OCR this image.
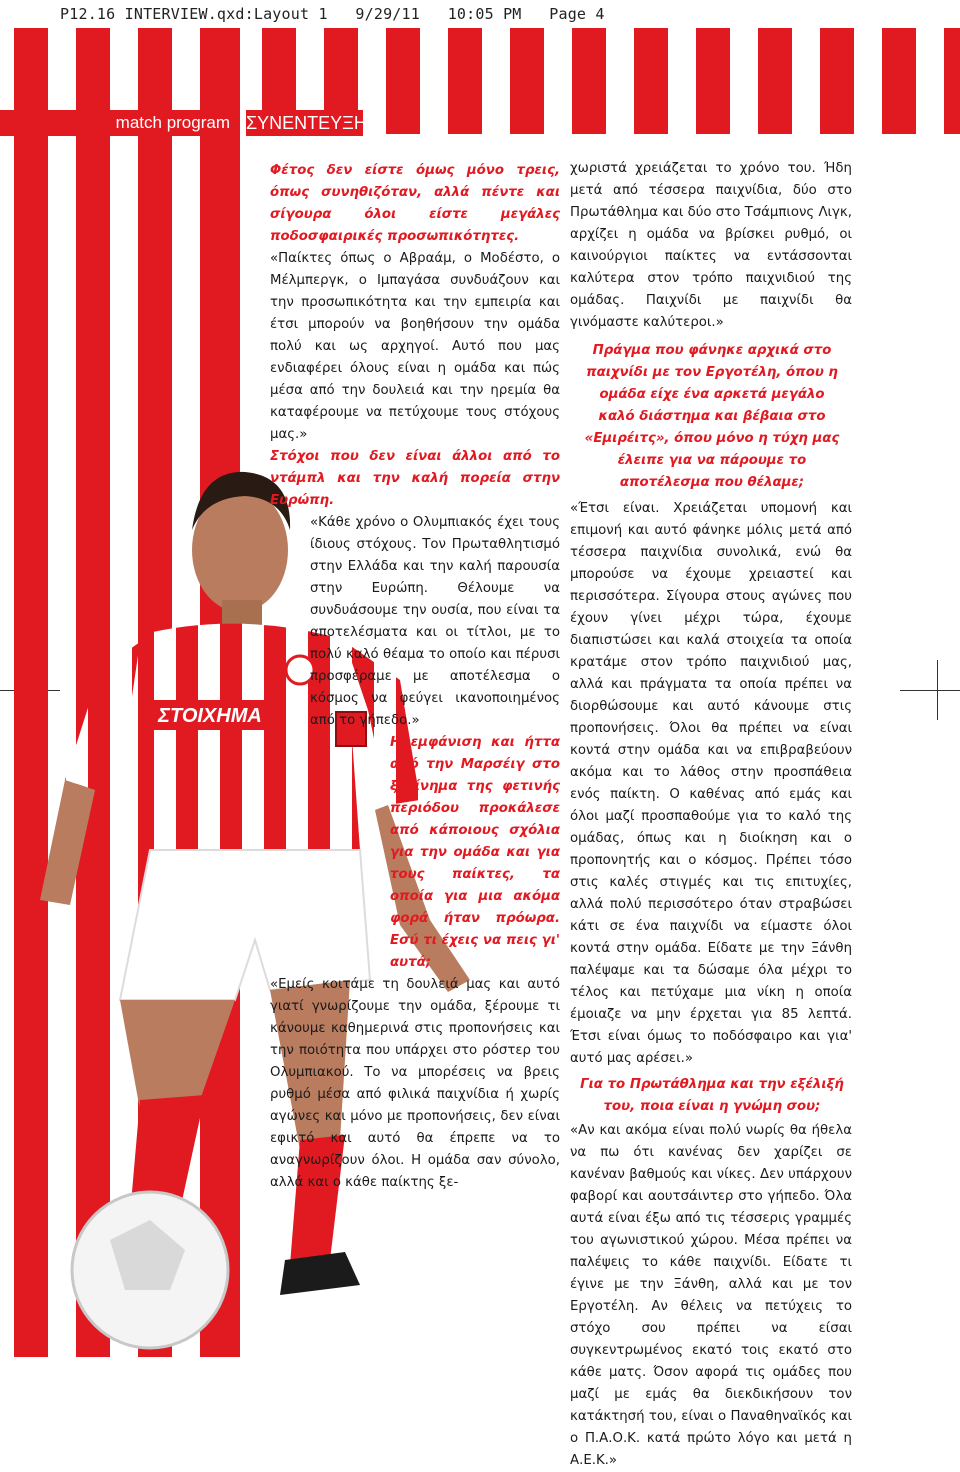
P12.16 INTERVIEW.qxd:Layout 1   9/29/11   10:05 PM   Page 4
match program ΣΥΝΕΝΤΕΥΞΗ
ΣΤΟΙΧΗΜΑ

Φέτος δεν είστε όμως μόνο τρεις, όπως συνηθιζόταν, αλλά πέντε και σίγουρα όλοι είστε μεγάλες ποδοσφαιρικές προσωπικότητες.

«Παίκτες όπως ο Αβραάμ, ο Μοδέστο, ο Μέλμπεργκ, ο Ιμπαγάσα συνδυάζουν και την προσωπικότητα και την εμπειρία και έτσι μπορούν να βοηθήσουν την ομάδα πολύ και ως αρχηγοί. Αυτό που μας ενδιαφέρει όλους είναι η ομάδα και πώς μέσα από την δουλειά και την ηρεμία θα καταφέρουμε να πετύχουμε τους στόχους μας.»

Στόχοι που δεν είναι άλλοι από το ντάμπλ και την καλή πορεία στην Ευρώπη.

«Κάθε χρόνο ο Ολυμπιακός έχει τους ίδιους στόχους. Τον Πρωταθλητισμό στην Ελλάδα και την καλή παρουσία στην Ευρώπη. Θέλουμε να συνδυάσουμε την ουσία, που είναι τα αποτελέσματα και οι τίτλοι, με το πολύ καλό θέαμα το οποίο και πέρυσι προσφέραμε με αποτέλεσμα ο κόσμος να φεύγει ικανοποιημένος από το γήπεδο.»

Η εμφάνιση και ήττα από την Μαρσέιγ στο ξεκίνημα της φετινής περιόδου προκάλεσε από κάποιους σχόλια για την ομάδα και για τους παίκτες, τα οποία για μια ακόμα φορά ήταν πρόωρα. Εσύ τι έχεις να πεις γι' αυτά;

«Εμείς κοιτάμε τη δουλειά μας και αυτό γιατί γνωρίζουμε την ομάδα, ξέρουμε τι κάνουμε καθημερινά στις προπονήσεις και την ποιότητα που υπάρχει στο ρόστερ του Ολυμπιακού. Το να μπορέσεις να βρεις ρυθμό μέσα από φιλικά παιχνίδια ή χωρίς αγώνες και μόνο με προπονήσεις, δεν είναι εφικτό και αυτό θα έπρεπε να το αναγνωρίζουν όλοι. Η ομάδα σαν σύνολο, αλλά και ο κάθε παίκτης ξε-

χωριστά χρειάζεται το χρόνο του. Ήδη μετά από τέσσερα παιχνίδια, δύο στο Πρωτάθλημα και δύο στο Τσάμπιονς Λιγκ, αρχίζει η ομάδα να βρίσκει ρυθμό, οι καινούργιοι παίκτες να εντάσσονται καλύτερα στον τρόπο παιχνιδιού της ομάδας. Παιχνίδι με παιχνίδι θα γινόμαστε καλύτεροι.»

Πράγμα που φάνηκε αρχικά στο παιχνίδι με τον Εργοτέλη, όπου η ομάδα είχε ένα αρκετά μεγάλο καλό διάστημα και βέβαια στο «Εμιρέιτς», όπου μόνο η τύχη μας έλειπε για να πάρουμε το αποτέλεσμα που θέλαμε;

«Έτσι είναι. Χρειάζεται υπομονή και επιμονή και αυτό φάνηκε μόλις μετά από τέσσερα παιχνίδια συνολικά, ενώ θα μπορούσε να έχουμε χρειαστεί και περισσότερα. Σίγουρα στους αγώνες που έχουν γίνει μέχρι τώρα, έχουμε διαπιστώσει και καλά στοιχεία τα οποία κρατάμε στον τρόπο παιχνιδιού μας, αλλά και πράγματα τα οποία πρέπει να διορθώσουμε και αυτό κάνουμε στις προπονήσεις. Όλοι θα πρέπει να είναι κοντά στην ομάδα και να επιβραβεύουν ακόμα και το λάθος στην προσπάθεια ενός παίκτη. Ο καθένας από εμάς και όλοι μαζί προσπαθούμε για το καλό της ομάδας, όπως και η διοίκηση και ο προπονητής και ο κόσμος. Πρέπει τόσο στις καλές στιγμές και τις επιτυχίες, αλλά πολύ περισσότερο όταν στραβώσει κάτι σε ένα παιχνίδι να είμαστε όλοι κοντά στην ομάδα. Είδατε με την Ξάνθη παλέψαμε και τα δώσαμε όλα μέχρι το τέλος και πετύχαμε μια νίκη η οποία έμοιαζε να μην έρχεται για 85 λεπτά. Έτσι είναι όμως το ποδόσφαιρο και για' αυτό μας αρέσει.»

Για το Πρωτάθλημα και την εξέλιξή του, ποια είναι η γνώμη σου;

«Αν και ακόμα είναι πολύ νωρίς θα ήθελα να πω ότι κανένας δεν χαρίζει σε κανέναν βαθμούς και νίκες. Δεν υπάρχουν φαβορί και αουτσάιντερ στο γήπεδο. Όλα αυτά είναι έξω από τις τέσσερις γραμμές του αγωνιστικού χώρου. Μέσα πρέπει να παλέψεις το κάθε παιχνίδι. Είδατε τι έγινε με την Ξάνθη, αλλά και με τον Εργοτέλη. Αν θέλεις να πετύχεις το στόχο σου πρέπει να είσαι συγκεντρωμένος εκατό τοις εκατό στο κάθε ματς. Όσον αφορά τις ομάδες που μαζί με εμάς θα διεκδικήσουν τον κατάκτησή του, είναι ο Παναθηναϊκός και ο Π.Α.Ο.Κ. κατά πρώτο λόγο και μετά η Α.Ε.Κ.»
